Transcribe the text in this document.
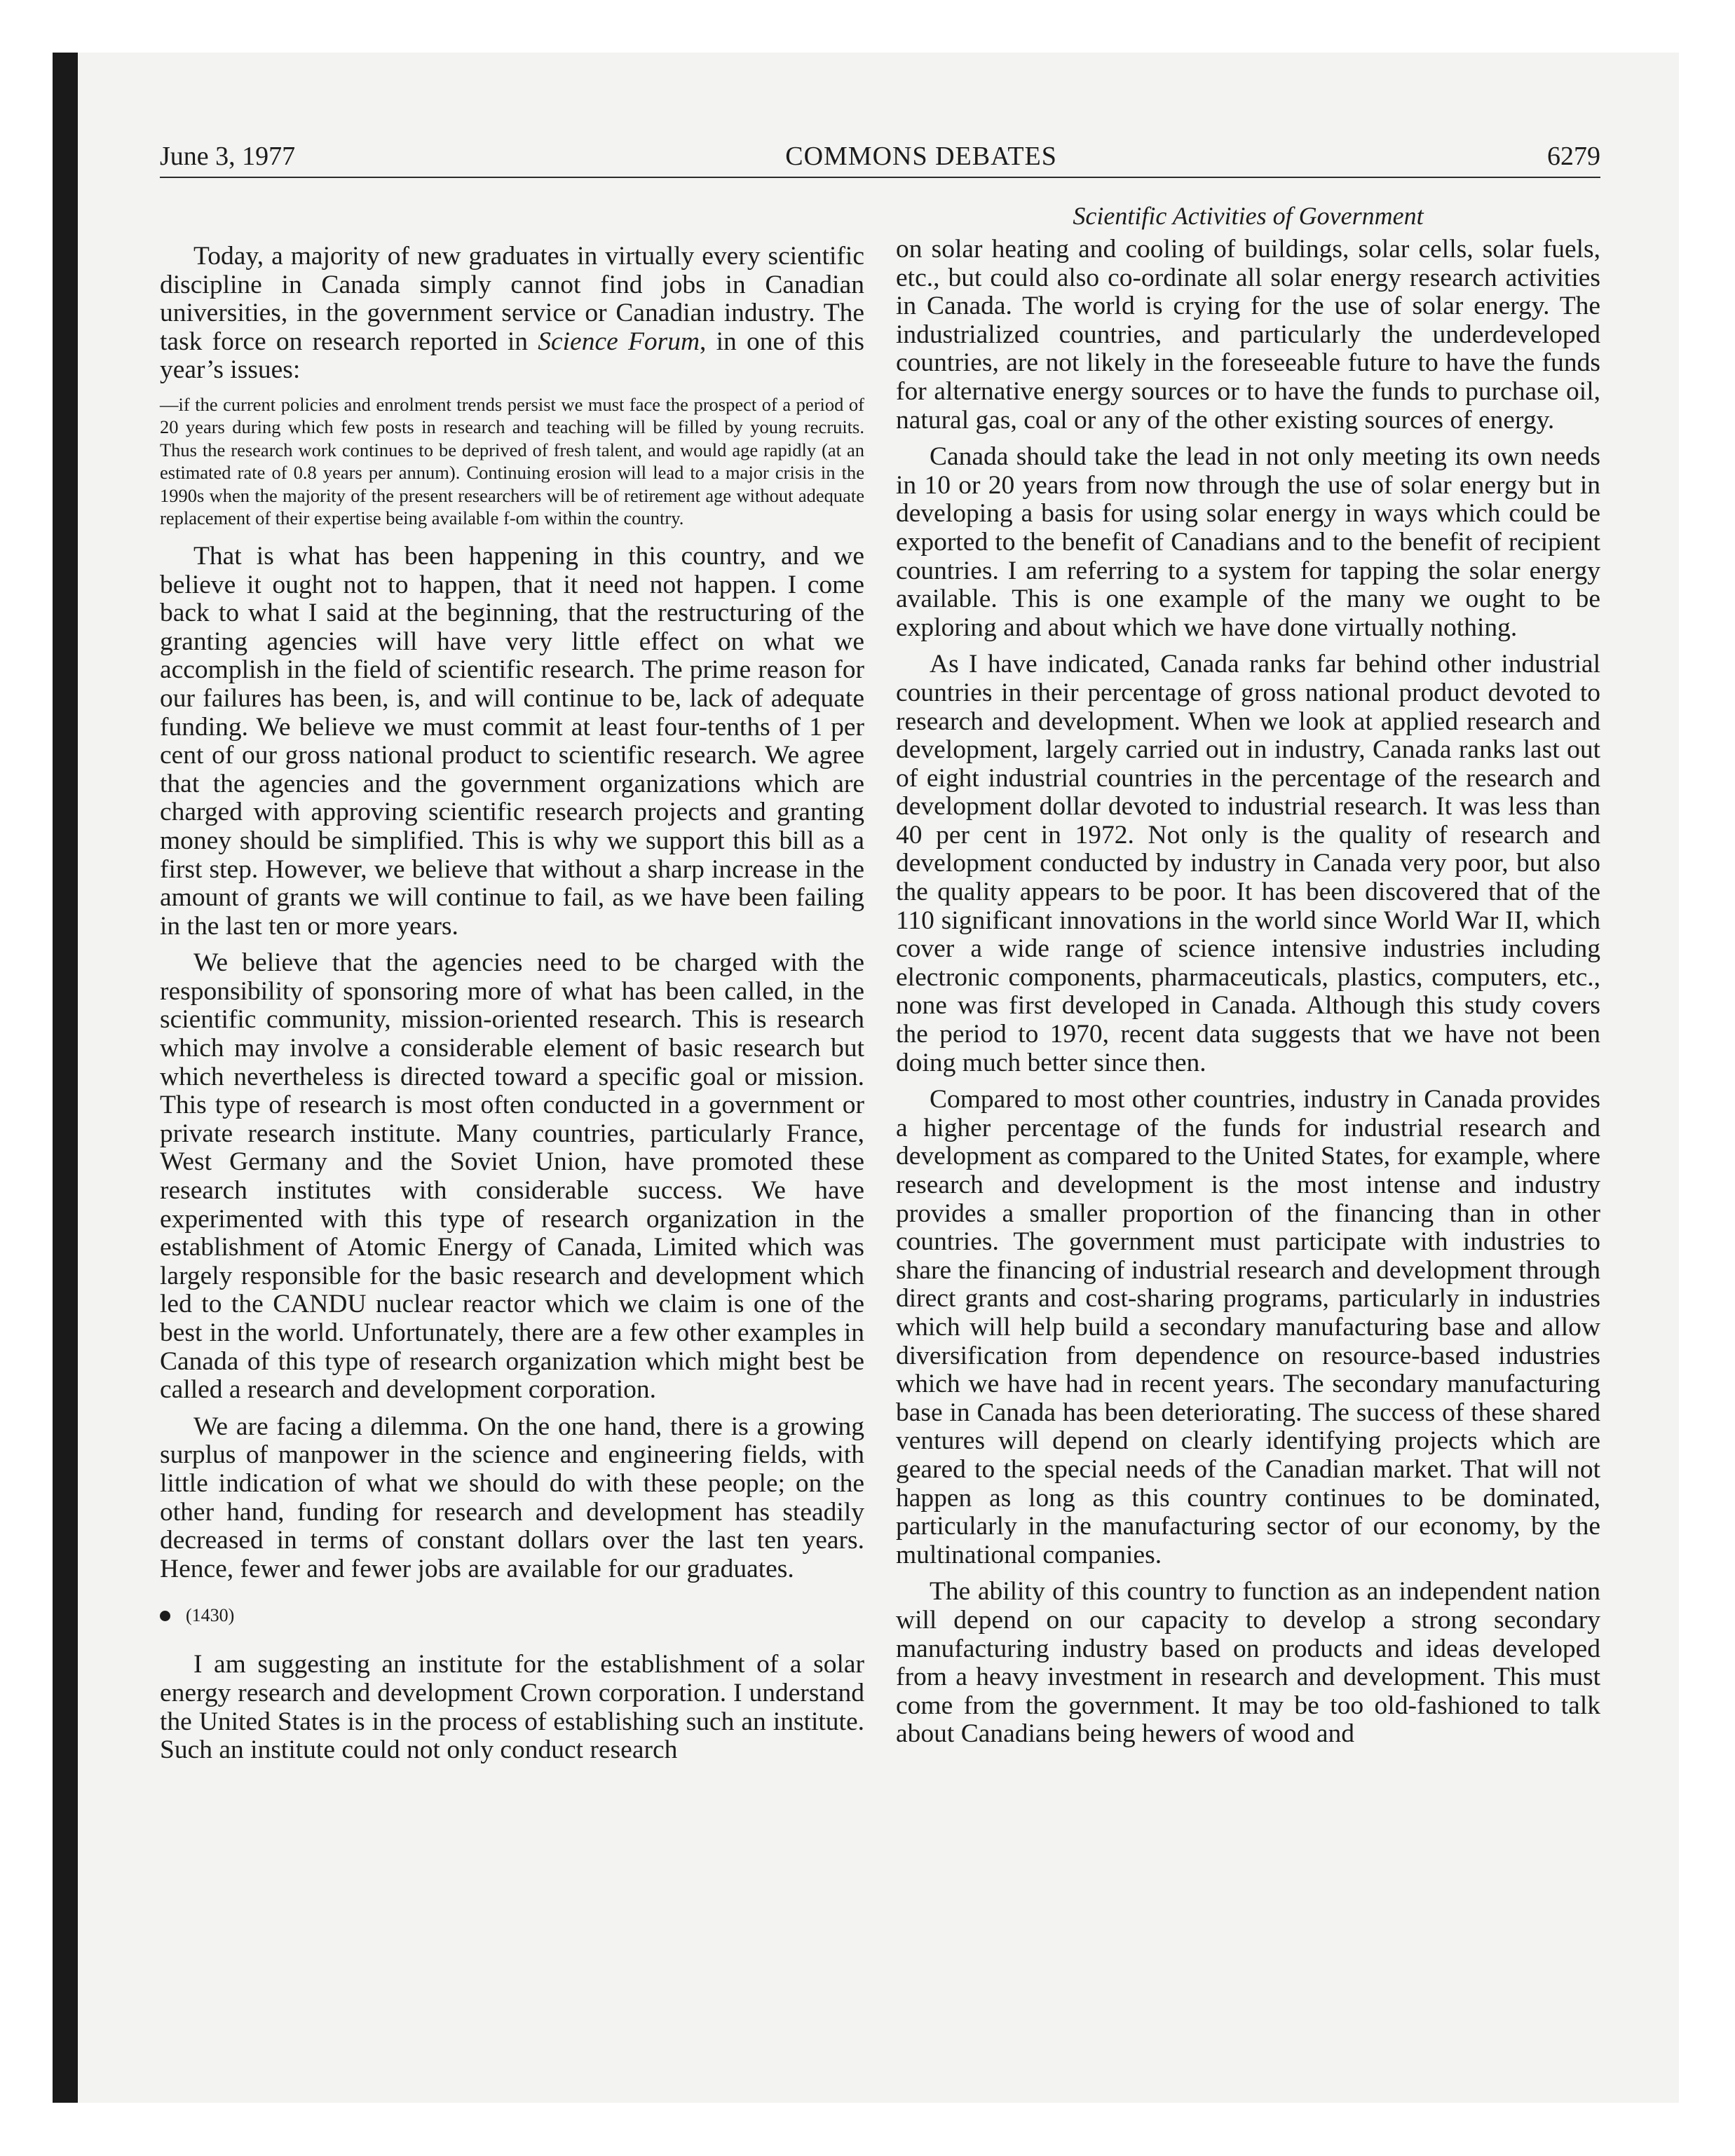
June 3, 1977	COMMONS DEBATES	6279
Scientific Activities of Government

Today, a majority of new graduates in virtually every scientific discipline in Canada simply cannot find jobs in Canadian universities, in the government service or Canadian industry. The task force on research reported in Science Forum, in one of this year’s issues:

—if the current policies and enrolment trends persist we must face the prospect of a period of 20 years during which few posts in research and teaching will be filled by young recruits. Thus the research work continues to be deprived of fresh talent, and would age rapidly (at an estimated rate of 0.8 years per annum). Continuing erosion will lead to a major crisis in the 1990s when the majority of the present researchers will be of retirement age without adequate replacement of their expertise being available f-om within the country.

That is what has been happening in this country, and we believe it ought not to happen, that it need not happen. I come back to what I said at the beginning, that the restructuring of the granting agencies will have very little effect on what we accomplish in the field of scientific research. The prime reason for our failures has been, is, and will continue to be, lack of adequate funding. We believe we must commit at least four-tenths of 1 per cent of our gross national product to scientific research. We agree that the agencies and the government organizations which are charged with approving scientific research projects and granting money should be simplified. This is why we support this bill as a first step. However, we believe that without a sharp increase in the amount of grants we will continue to fail, as we have been failing in the last ten or more years.

We believe that the agencies need to be charged with the responsibility of sponsoring more of what has been called, in the scientific community, mission-oriented research. This is research which may involve a considerable element of basic research but which nevertheless is directed toward a specific goal or mission. This type of research is most often conducted in a government or private research institute. Many countries, particularly France, West Germany and the Soviet Union, have promoted these research institutes with considerable success. We have experimented with this type of research organization in the establishment of Atomic Energy of Canada, Limited which was largely responsible for the basic research and development which led to the CANDU nuclear reactor which we claim is one of the best in the world. Unfortunately, there are a few other examples in Canada of this type of research organization which might best be called a research and development corporation.

We are facing a dilemma. On the one hand, there is a growing surplus of manpower in the science and engineering fields, with little indication of what we should do with these people; on the other hand, funding for research and development has steadily decreased in terms of constant dollars over the last ten years. Hence, fewer and fewer jobs are available for our graduates.

(1430)

I am suggesting an institute for the establishment of a solar energy research and development Crown corporation. I understand the United States is in the process of establishing such an institute. Such an institute could not only conduct research

on solar heating and cooling of buildings, solar cells, solar fuels, etc., but could also co-ordinate all solar energy research activities in Canada. The world is crying for the use of solar energy. The industrialized countries, and particularly the underdeveloped countries, are not likely in the foreseeable future to have the funds for alternative energy sources or to have the funds to purchase oil, natural gas, coal or any of the other existing sources of energy.

Canada should take the lead in not only meeting its own needs in 10 or 20 years from now through the use of solar energy but in developing a basis for using solar energy in ways which could be exported to the benefit of Canadians and to the benefit of recipient countries. I am referring to a system for tapping the solar energy available. This is one example of the many we ought to be exploring and about which we have done virtually nothing.

As I have indicated, Canada ranks far behind other industrial countries in their percentage of gross national product devoted to research and development. When we look at applied research and development, largely carried out in industry, Canada ranks last out of eight industrial countries in the percentage of the research and development dollar devoted to industrial research. It was less than 40 per cent in 1972. Not only is the quality of research and development conducted by industry in Canada very poor, but also the quality appears to be poor. It has been discovered that of the 110 significant innovations in the world since World War II, which cover a wide range of science intensive industries including electronic components, pharmaceuticals, plastics, computers, etc., none was first developed in Canada. Although this study covers the period to 1970, recent data suggests that we have not been doing much better since then.

Compared to most other countries, industry in Canada provides a higher percentage of the funds for industrial research and development as compared to the United States, for example, where research and development is the most intense and industry provides a smaller proportion of the financing than in other countries. The government must participate with industries to share the financing of industrial research and development through direct grants and cost-sharing programs, particularly in industries which will help build a secondary manufacturing base and allow diversification from dependence on resource-based industries which we have had in recent years. The secondary manufacturing base in Canada has been deteriorating. The success of these shared ventures will depend on clearly identifying projects which are geared to the special needs of the Canadian market. That will not happen as long as this country continues to be dominated, particularly in the manufacturing sector of our economy, by the multinational companies.

The ability of this country to function as an independent nation will depend on our capacity to develop a strong secondary manufacturing industry based on products and ideas developed from a heavy investment in research and development. This must come from the government. It may be too old-fashioned to talk about Canadians being hewers of wood and
